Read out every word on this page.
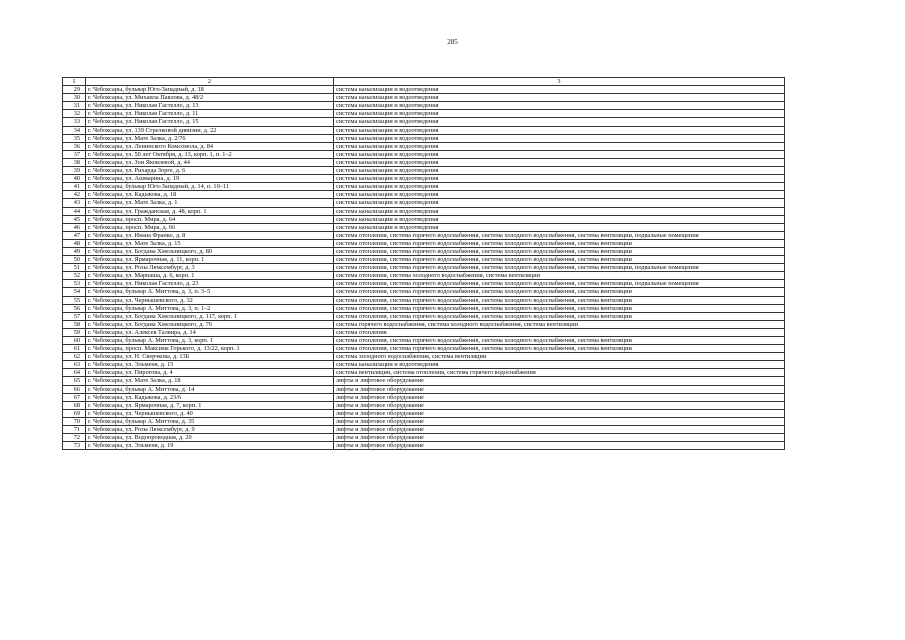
285
1	2	3
29	г. Чебоксары, бульвар Юго-Западный, д. 18	система канализации и водоотведения
30	г. Чебоксары, ул. Михаила Павлова, д. 48/2	система канализации и водоотведения
31	г. Чебоксары, ул. Николая Гастелло, д. 13	система канализации и водоотведения
32	г. Чебоксары, ул. Николая Гастелло, д. 11	система канализации и водоотведения
33	г. Чебоксары, ул. Николая Гастелло, д. 15	система канализации и водоотведения
34	г. Чебоксары, ул. 139 Стрелковой дивизии, д. 22	система канализации и водоотведения
35	г. Чебоксары, ул. Мате Залка, д. 2/76	система канализации и водоотведения
36	г. Чебоксары, ул. Ленинского Комсомола, д. 84	система канализации и водоотведения
37	г. Чебоксары, ул. 50 лет Октября, д. 13, корп. 1, п. 1–2	система канализации и водоотведения
38	г. Чебоксары, ул. Зои Яковлевой, д. 44	система канализации и водоотведения
39	г. Чебоксары, ул. Рихарда Зорге, д. 6	система канализации и водоотведения
40	г. Чебоксары, ул. Ашмарина, д. 19	система канализации и водоотведения
41	г. Чебоксары, бульвар Юго-Западный, д. 14, п. 10–11	система канализации и водоотведения
42	г. Чебоксары, ул. Кадыкова, д. 18	система канализации и водоотведения
43	г. Чебоксары, ул. Мате Залка, д. 1	система канализации и водоотведения
44	г. Чебоксары, ул. Гражданская, д. 48, корп. 1	система канализации и водоотведения
45	г. Чебоксары, просп. Мира, д. 64	система канализации и водоотведения
46	г. Чебоксары, просп. Мира, д. 66	система канализации и водоотведения
47	г. Чебоксары, ул. Ивана Франко, д. 8	система отопления, система горячего водоснабжения, система холодного водоснабжения, система вентиляции, подвальные помещения
48	г. Чебоксары, ул. Мате Залка, д. 15	система отопления, система горячего водоснабжения, система холодного водоснабжения, система вентиляции
49	г. Чебоксары, ул. Богдана Хмельницкого, д. 80	система отопления, система горячего водоснабжения, система холодного водоснабжения, система вентиляции
50	г. Чебоксары, ул. Ярмарочная, д. 11, корп. 1	система отопления, система горячего водоснабжения, система холодного водоснабжения, система вентиляции
51	г. Чебоксары, ул. Розы Люксембург, д. 3	система отопления, система горячего водоснабжения, система холодного водоснабжения, система вентиляции, подвальные помещения
52	г. Чебоксары, ул. Марпаша, д. 6, корп. 1	система отопления, система холодного водоснабжения, система вентиляции
53	г. Чебоксары, ул. Николая Гастелло, д. 23	система отопления, система горячего водоснабжения, система холодного водоснабжения, система вентиляции, подвальные помещения
54	г. Чебоксары, бульвар А. Миттова, д. 3, п. 3–5	система отопления, система горячего водоснабжения, система холодного водоснабжения, система вентиляции
55	г. Чебоксары, ул. Чернышевского, д. 32	система отопления, система горячего водоснабжения, система холодного водоснабжения, система вентиляции
56	г. Чебоксары, бульвар А. Миттова, д. 3, п. 1–2	система отопления, система горячего водоснабжения, система холодного водоснабжения, система вентиляции
57	г. Чебоксары, ул. Богдана Хмельницкого, д. 117, корп. 1	система отопления, система горячего водоснабжения, система холодного водоснабжения, система вентиляции
58	г. Чебоксары, ул. Богдана Хмельницкого, д. 76	система горячего водоснабжения, система холодного водоснабжения, система вентиляции
59	г. Чебоксары, ул. Алексея Талвира, д. 14	система отопления
60	г. Чебоксары, бульвар А. Миттова, д. 3, корп. 1	система отопления, система горячего водоснабжения, система холодного водоснабжения, система вентиляции
61	г. Чебоксары, просп. Максима Горького, д. 13/22, корп. 1	система отопления, система горячего водоснабжения, система холодного водоснабжения, система вентиляции
62	г. Чебоксары, ул. Н. Сверчкова, д. 13Б	система холодного водоснабжения, система вентиляции
63	г. Чебоксары, ул. Эльменя, д. 15	система канализации и водоотведения
64	г. Чебоксары, ул. Пирогова, д. 4	система вентиляции, система отопления, система горячего водоснабжения
65	г. Чебоксары, ул. Мате Залка, д. 18	лифты и лифтовое оборудование
66	г. Чебоксары, бульвар А. Миттова, д. 14	лифты и лифтовое оборудование
67	г. Чебоксары, ул. Кадыкова, д. 23/6	лифты и лифтовое оборудование
68	г. Чебоксары, ул. Ярмарочная, д. 7, корп. 1	лифты и лифтовое оборудование
69	г. Чебоксары, ул. Чернышевского, д. 40	лифты и лифтовое оборудование
70	г. Чебоксары, бульвар А. Миттова, д. 35	лифты и лифтовое оборудование
71	г. Чебоксары, ул. Розы Люксембург, д. 9	лифты и лифтовое оборудование
72	г. Чебоксары, ул. Водопроводная, д. 20	лифты и лифтовое оборудование
73	г. Чебоксары, ул. Эльменя, д. 19	лифты и лифтовое оборудование
